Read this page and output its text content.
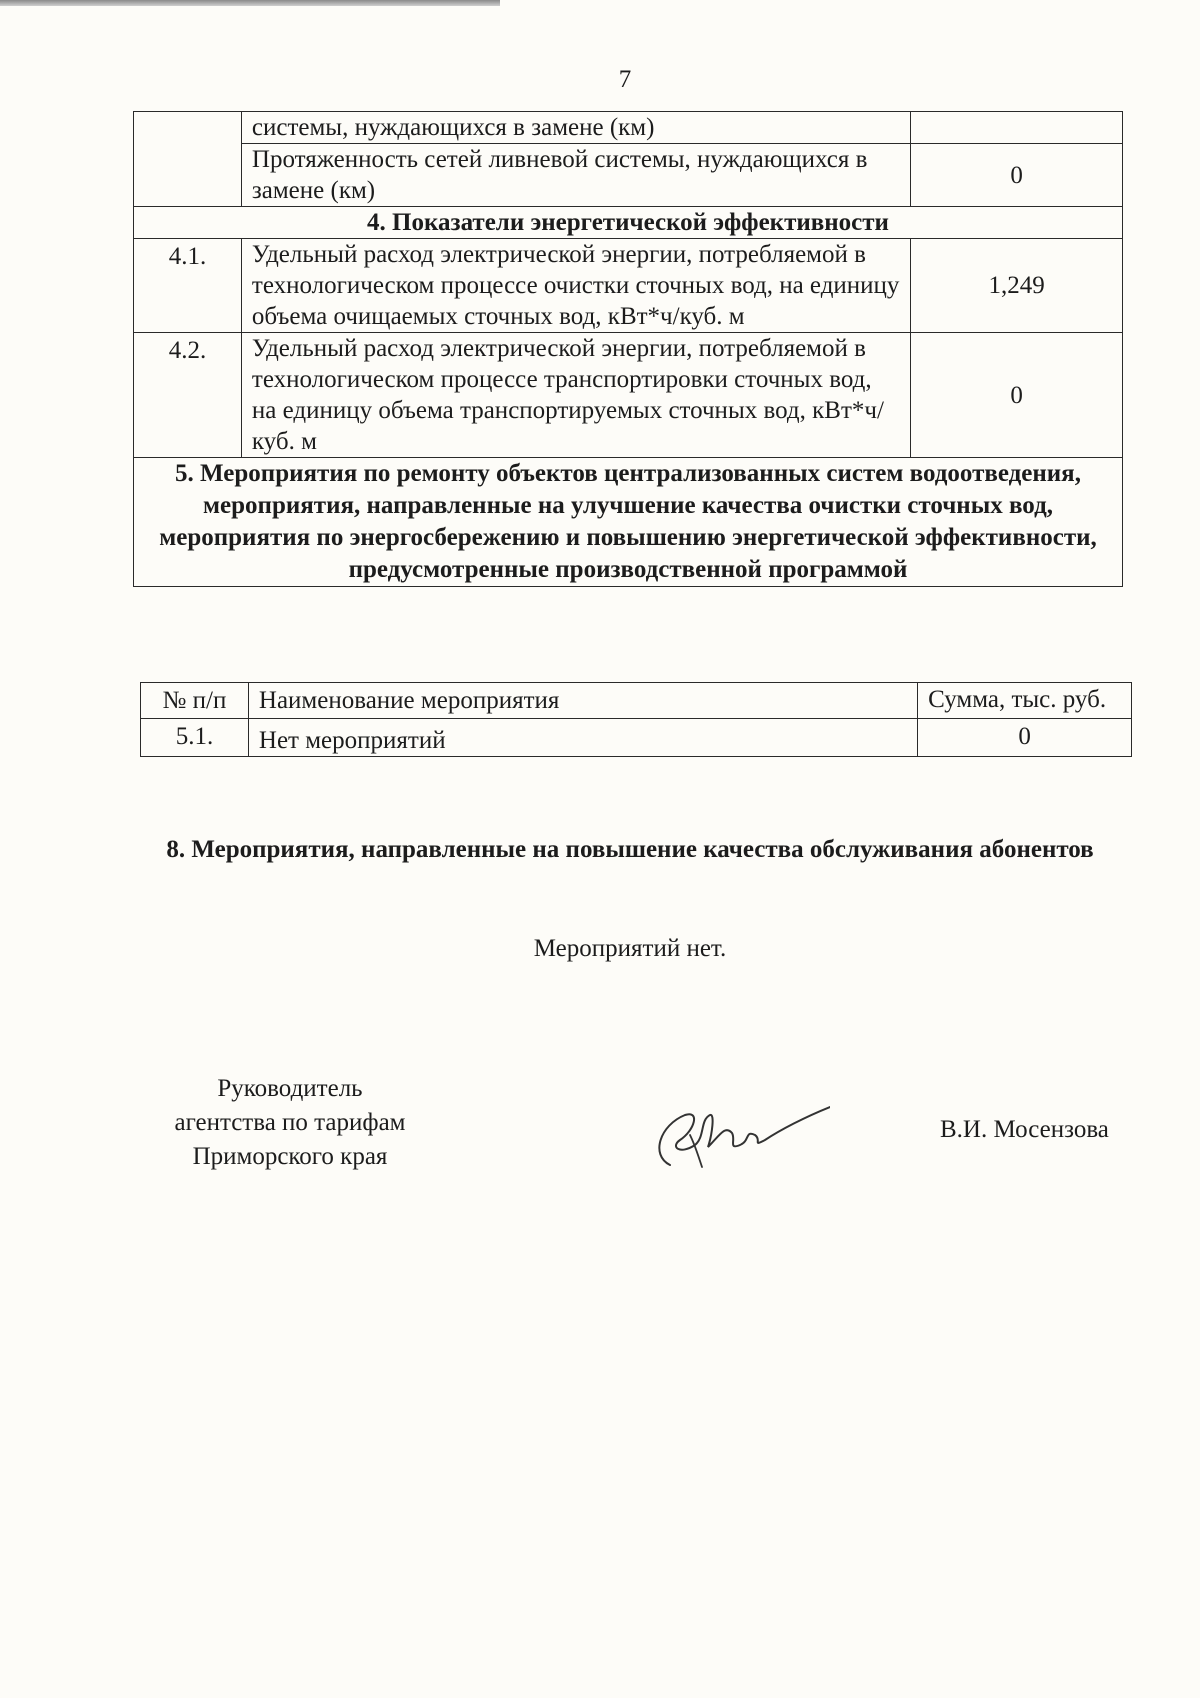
7
	системы, нуждающихся в замене (км)	
	Протяженность сетей ливневой системы, нуждающихся в замене (км)	0
4. Показатели энергетической эффективности		
4.1.	Удельный расход электрической энергии, потребляемой в технологическом процессе очистки сточных вод, на единицу объема очищаемых сточных вод, кВт*ч/куб. м	1,249
4.2.	Удельный расход электрической энергии, потребляемой в технологическом процессе транспортировки сточных вод, на единицу объема транспортируемых сточных вод, кВт*ч/куб. м	0
5. Мероприятия по ремонту объектов централизованных систем водоотведения, мероприятия, направленные на улучшение качества очистки сточных вод, мероприятия по энергосбережению и повышению энергетической эффективности, предусмотренные производственной программой		
№ п/п	Наименование мероприятия	Сумма, тыс. руб.
5.1.	Нет мероприятий	0
8. Мероприятия, направленные на повышение качества обслуживания абонентов
Мероприятий нет.
Руководитель
агентства по тарифам
Приморского края
В.И. Мосензова
